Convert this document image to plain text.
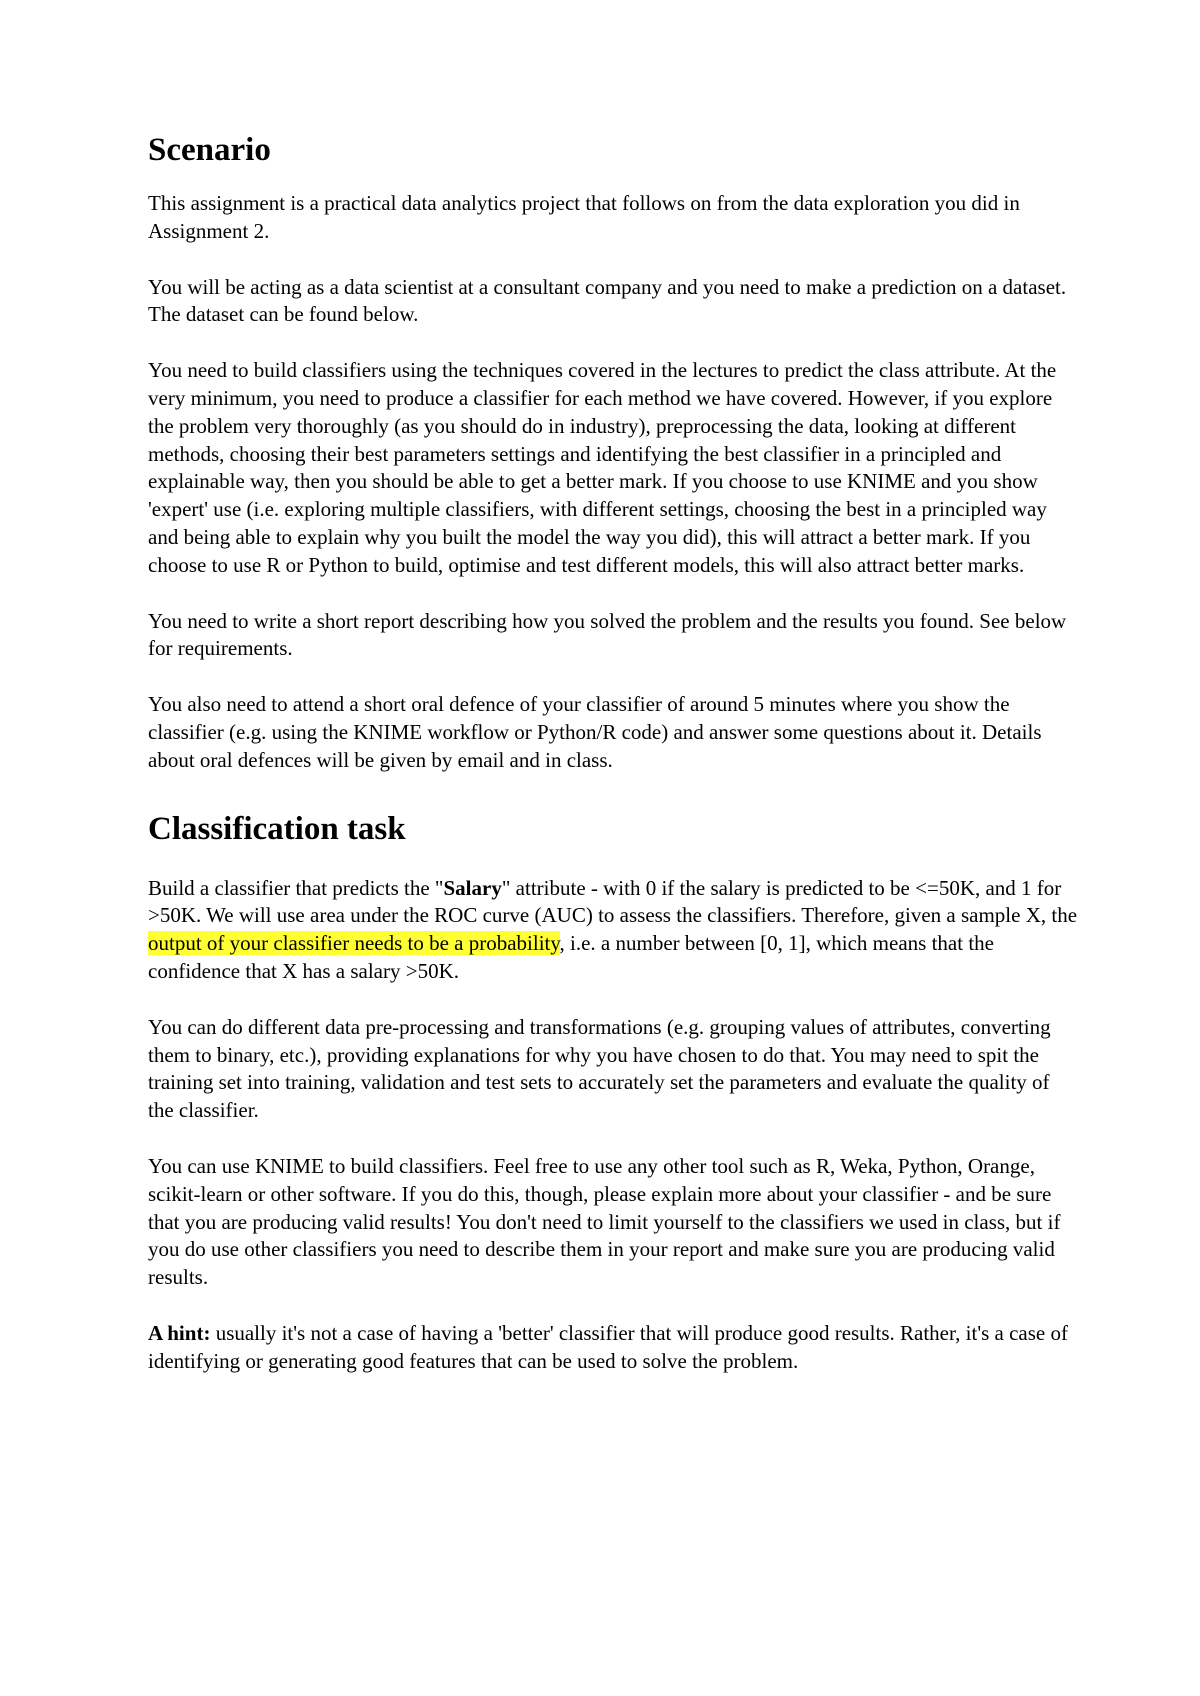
Scenario

This assignment is a practical data analytics project that follows on from the data exploration you did in Assignment 2.

You will be acting as a data scientist at a consultant company and you need to make a prediction on a dataset. The dataset can be found below.

You need to build classifiers using the techniques covered in the lectures to predict the class attribute. At the very minimum, you need to produce a classifier for each method we have covered. However, if you explore the problem very thoroughly (as you should do in industry), preprocessing the data, looking at different methods, choosing their best parameters settings and identifying the best classifier in a principled and explainable way, then you should be able to get a better mark. If you choose to use KNIME and you show 'expert' use (i.e. exploring multiple classifiers, with different settings, choosing the best in a principled way and being able to explain why you built the model the way you did), this will attract a better mark. If you choose to use R or Python to build, optimise and test different models, this will also attract better marks.

You need to write a short report describing how you solved the problem and the results you found. See below for requirements.

You also need to attend a short oral defence of your classifier of around 5 minutes where you show the classifier (e.g. using the KNIME workflow or Python/R code) and answer some questions about it. Details about oral defences will be given by email and in class.

Classification task

Build a classifier that predicts the "Salary" attribute - with 0 if the salary is predicted to be <=50K, and 1 for >50K. We will use area under the ROC curve (AUC) to assess the classifiers. Therefore, given a sample X, the output of your classifier needs to be a probability, i.e. a number between [0, 1], which means that the confidence that X has a salary >50K.

You can do different data pre-processing and transformations (e.g. grouping values of attributes, converting them to binary, etc.), providing explanations for why you have chosen to do that. You may need to spit the training set into training, validation and test sets to accurately set the parameters and evaluate the quality of the classifier.

You can use KNIME to build classifiers. Feel free to use any other tool such as R, Weka, Python, Orange, scikit-learn or other software. If you do this, though, please explain more about your classifier - and be sure that you are producing valid results! You don't need to limit yourself to the classifiers we used in class, but if you do use other classifiers you need to describe them in your report and make sure you are producing valid results.

A hint: usually it's not a case of having a 'better' classifier that will produce good results. Rather, it's a case of identifying or generating good features that can be used to solve the problem.
